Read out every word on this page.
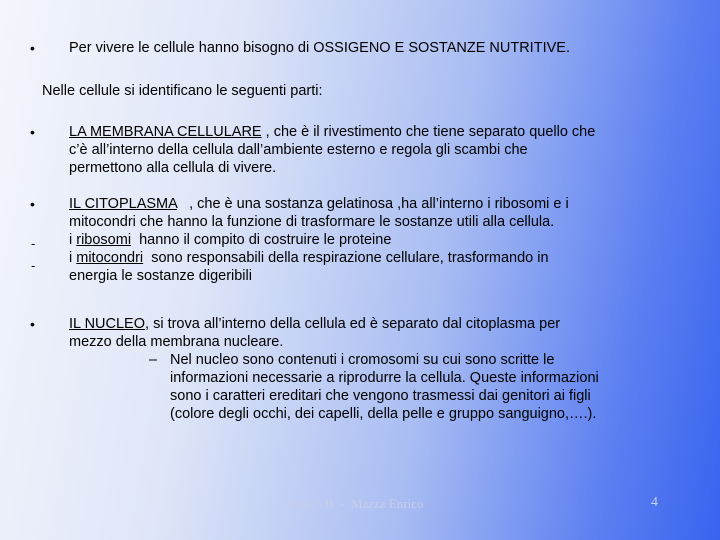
• Per vivere le cellule hanno bisogno di OSSIGENO E SOSTANZE NUTRITIVE.
Nelle cellule si identificano le seguenti parti:
• LA MEMBRANA CELLULARE , che è il rivestimento che tiene separato quello che
c’è all’interno della cellula dall’ambiente esterno e regola gli scambi che
permettono alla cellula di vivere.
• IL CITOPLASMA   , che è una sostanza gelatinosa ,ha all’interno i ribosomi e i
mitocondri che hanno la funzione di trasformare le sostanze utili alla cellula.
i ribosomi  hanno il compito di costruire le proteine
i mitocondri  sono responsabili della respirazione cellulare, trasformando in
energia le sostanze digeribili
-
-
• IL NUCLEO, si trova all’interno della cellula ed è separato dal citoplasma per
mezzo della membrana nucleare.
– Nel nucleo sono contenuti i cromosomi su cui sono scritte le
informazioni necessarie a riprodurre la cellula. Queste informazioni
sono i caratteri ereditari che vengono trasmessi dai genitori ai figli
(colore degli occhi, dei capelli, della pelle e gruppo sanguigno,….).
Classe 5 B  -  Mazza Enrico	4
